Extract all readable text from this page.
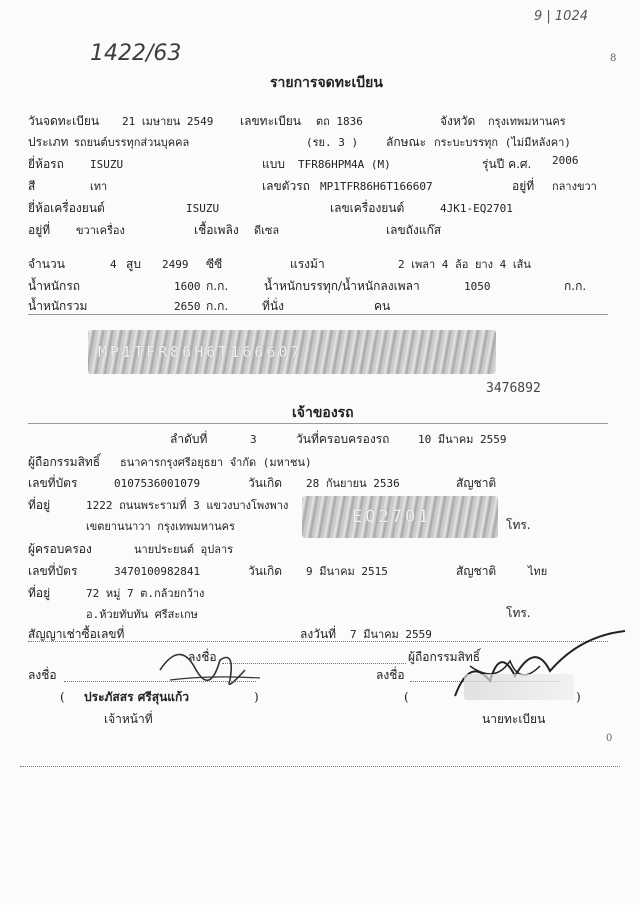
9 | 1024
8
1422/63
รายการจดทะเบียน
วันจดทะเบียน 21 เมษายน 2549 เลขทะเบียน ตถ 1836	จังหวัด กรุงเทพมหานคร
ประเภท รถยนต์บรรทุกส่วนบุคคล	(รย. 3 ) ลักษณะ กระบะบรรทุก (ไม่มีหลังคา)
ยี่ห้อรถ ISUZU	แบบ TFR86HPM4A (M)	รุ่นปี ค.ศ. 2006
สี	เทา	เลขตัวรถ MP1TFR86H6T166607	อยู่ที่ กลางขวา
ยี่ห้อเครื่องยนต์	ISUZU	เลขเครื่องยนต์	4JK1-EQ2701
อยู่ที่ ขวาเครื่อง	เชื้อเพลิง ดีเซล	เลขถังแก๊ส
จำนวน	4 สูบ 2499 ซีซี	แรงม้า	2 เพลา 4 ล้อ ยาง 4 เส้น
น้ำหนักรถ	1600 ก.ก.	น้ำหนักบรรทุก/น้ำหนักลงเพลา	1050	ก.ก.
น้ำหนักรวม	2650 ก.ก.	ที่นั่ง	คน
MP1TFR86H6T166607
3476892
เจ้าของรถ
ลำดับที่	3	วันที่ครอบครองรถ	10 มีนาคม 2559
ผู้ถือกรรมสิทธิ์ ธนาคารกรุงศรีอยุธยา จำกัด (มหาชน)
เลขที่บัตร	0107536001079	วันเกิด 28 กันยายน 2536	สัญชาติ
ที่อยู่	1222 ถนนพระรามที่ 3 แขวงบางโพงพาง
เขตยานนาวา กรุงเทพมหานคร	โทร.
EQ2701
ผู้ครอบครอง	นายประยนต์ อุปลาร
เลขที่บัตร	3470100982841	วันเกิด 9 มีนาคม 2515	สัญชาติ	ไทย
ที่อยู่	72 หมู่ 7 ต.กล้วยกว้าง
อ.ห้วยทับทัน ศรีสะเกษ	โทร.
สัญญาเช่าซื้อเลขที่	ลงวันที่ 7 มีนาคม 2559
ลงชื่อ	ผู้ถือกรรมสิทธิ์
ลงชื่อ	ลงชื่อ
( ประภัสสร ศรีสุนแก้ว	)	(	)
เจ้าหน้าที่	นายทะเบียน
0
